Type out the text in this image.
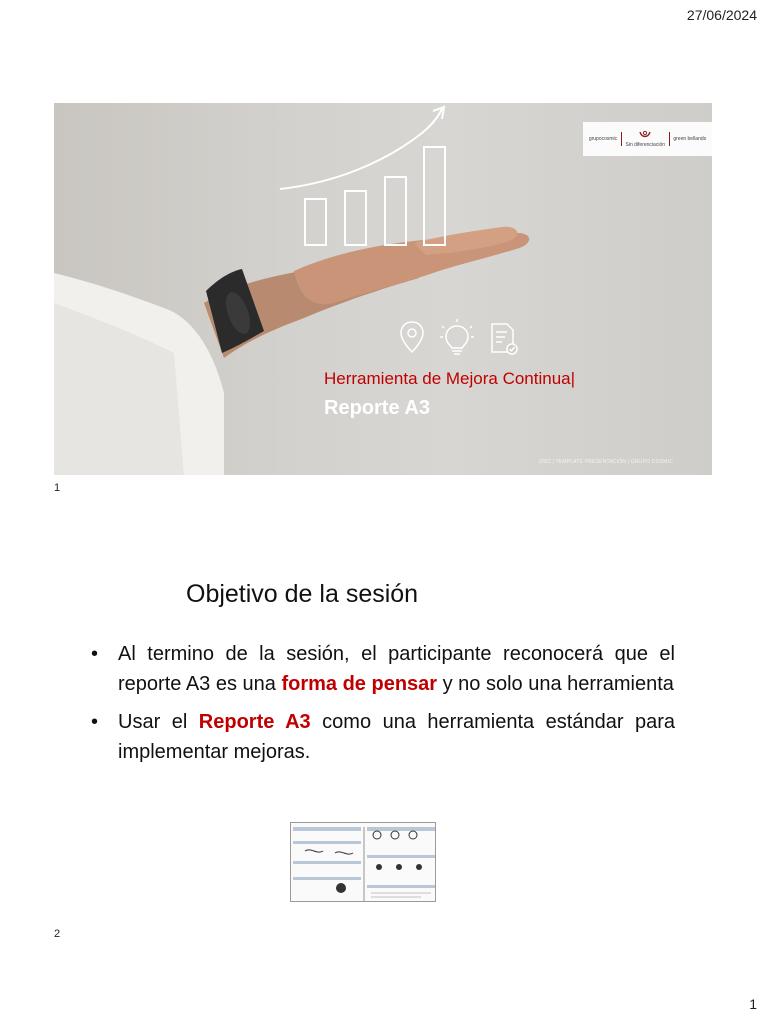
27/06/2024
grupocosmic
Sin diferenciación
green bellands
Herramienta de Mejora Continua|
Reporte A3
2022 | TEMPLATE PRESENTACIÓN | GRUPO COSMIC
1
Objetivo de la sesión
• Al termino de la sesión, el participante reconocerá que el reporte A3 es una forma de pensar y no solo una herramienta
• Usar el Reporte A3 como una herramienta estándar para implementar mejoras.
2
1
